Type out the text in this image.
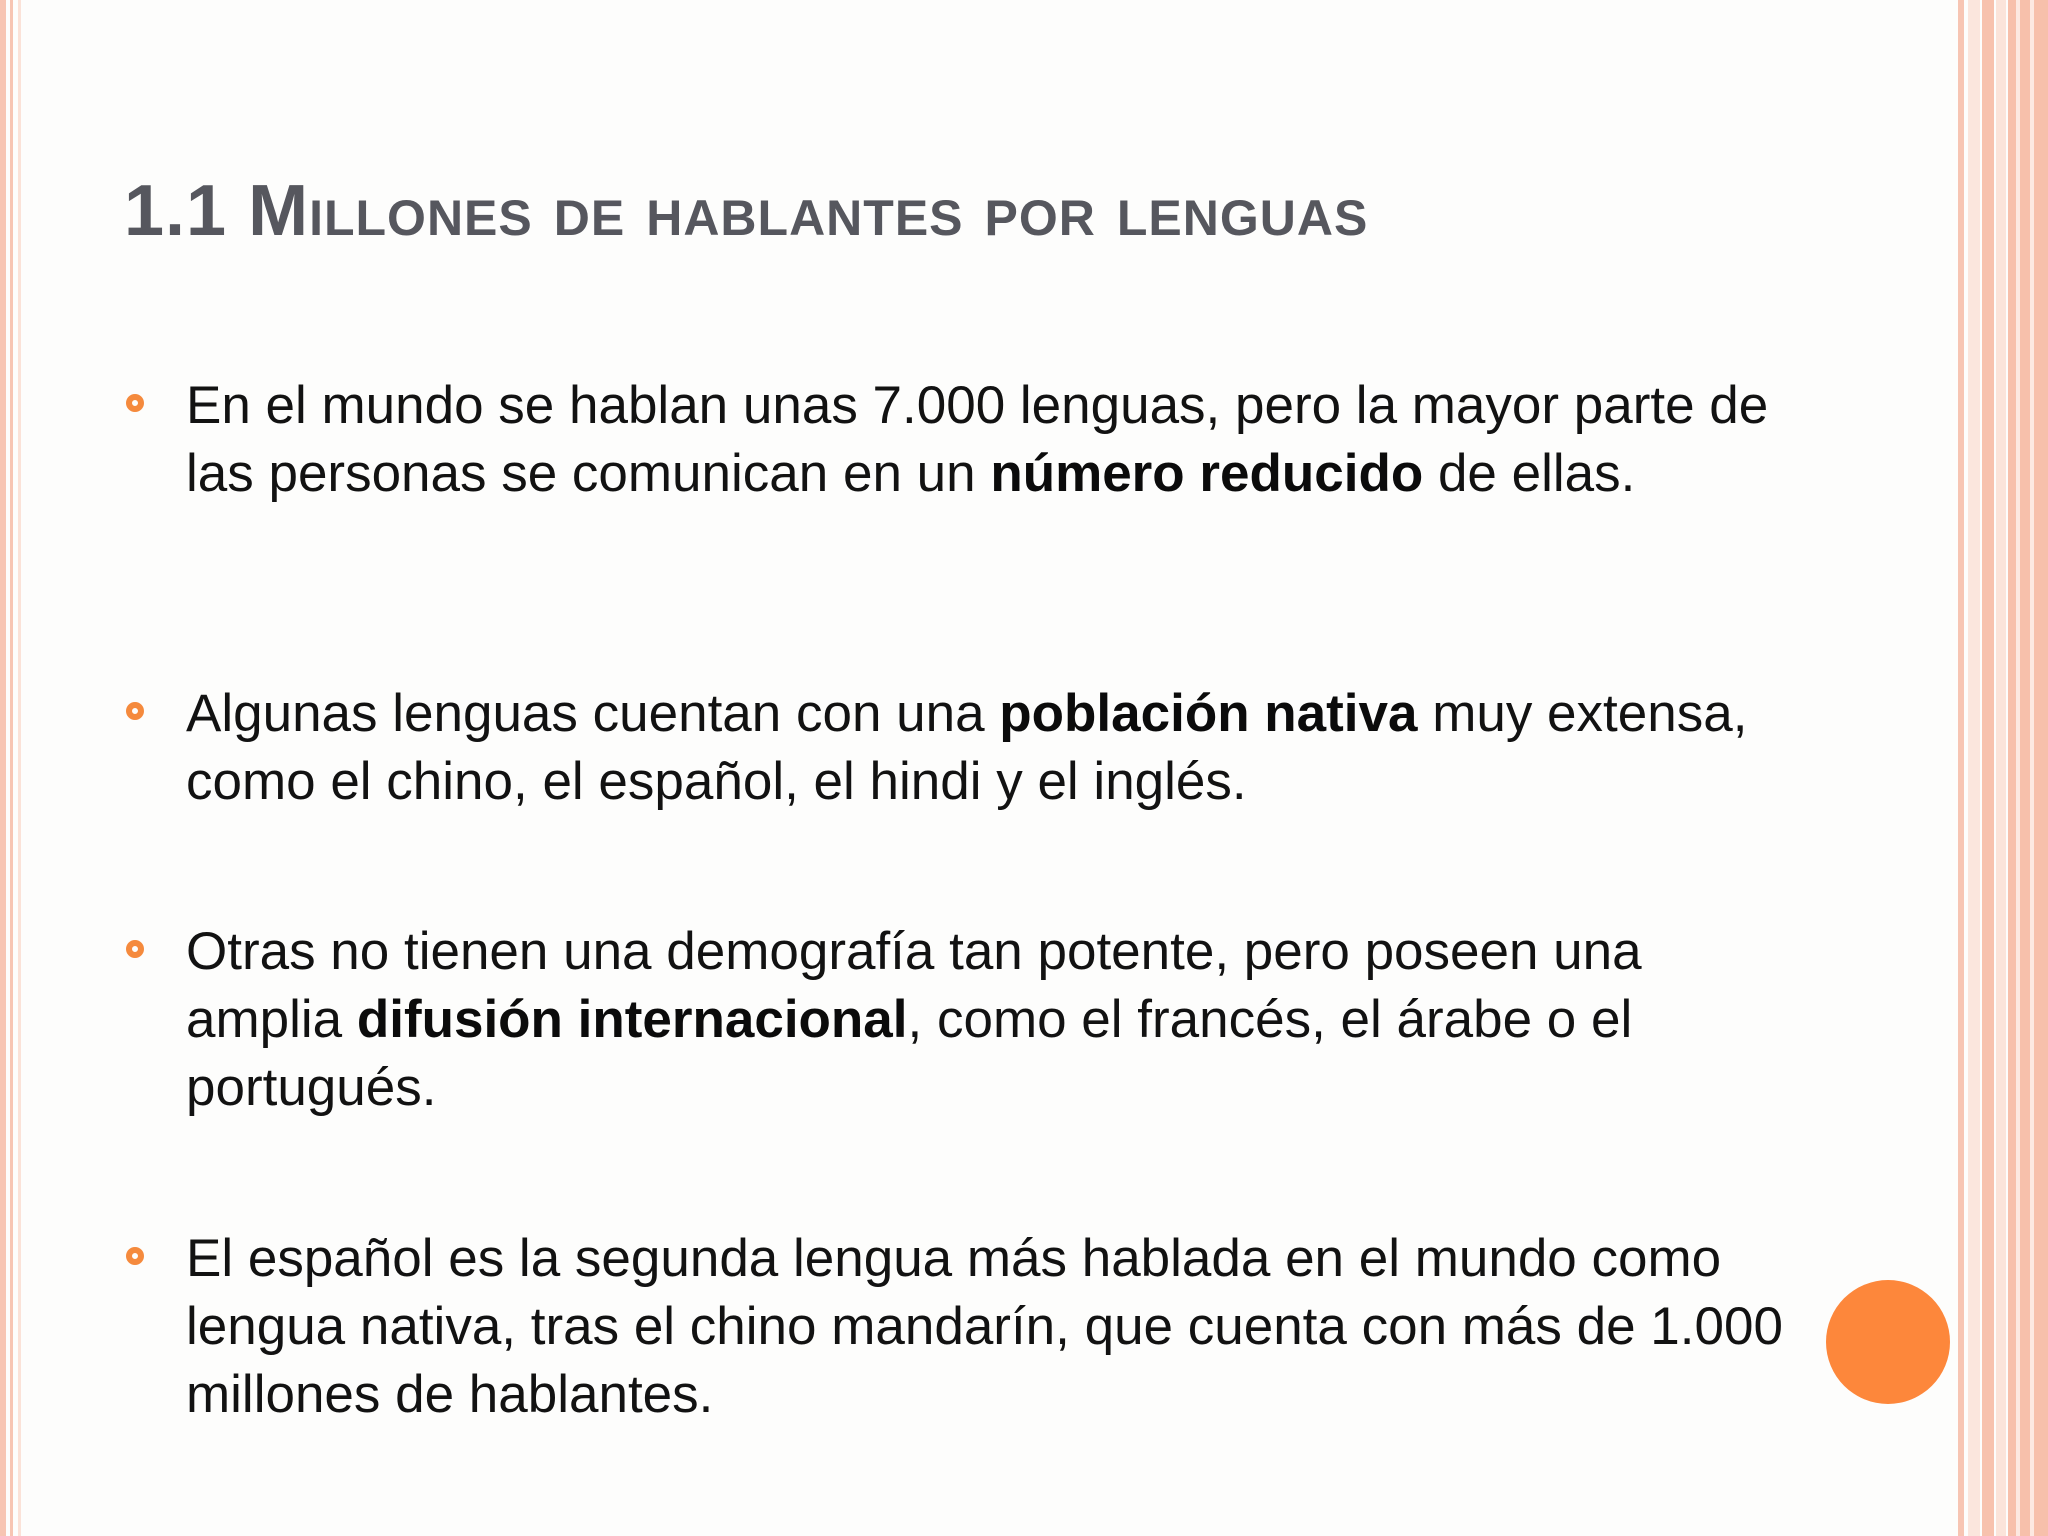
1.1 Millones de hablantes por lenguas

En el mundo se hablan unas 7.000 lenguas, pero la mayor parte de las personas se comunican en un número reducido de ellas.

Algunas lenguas cuentan con una población nativa muy extensa, como el chino, el español, el hindi y el inglés.

Otras no tienen una demografía tan potente, pero poseen una amplia difusión internacional, como el francés, el árabe o el portugués.

El español es la segunda lengua más hablada en el mundo como lengua nativa, tras el chino mandarín, que cuenta con más de 1.000 millones de hablantes.
